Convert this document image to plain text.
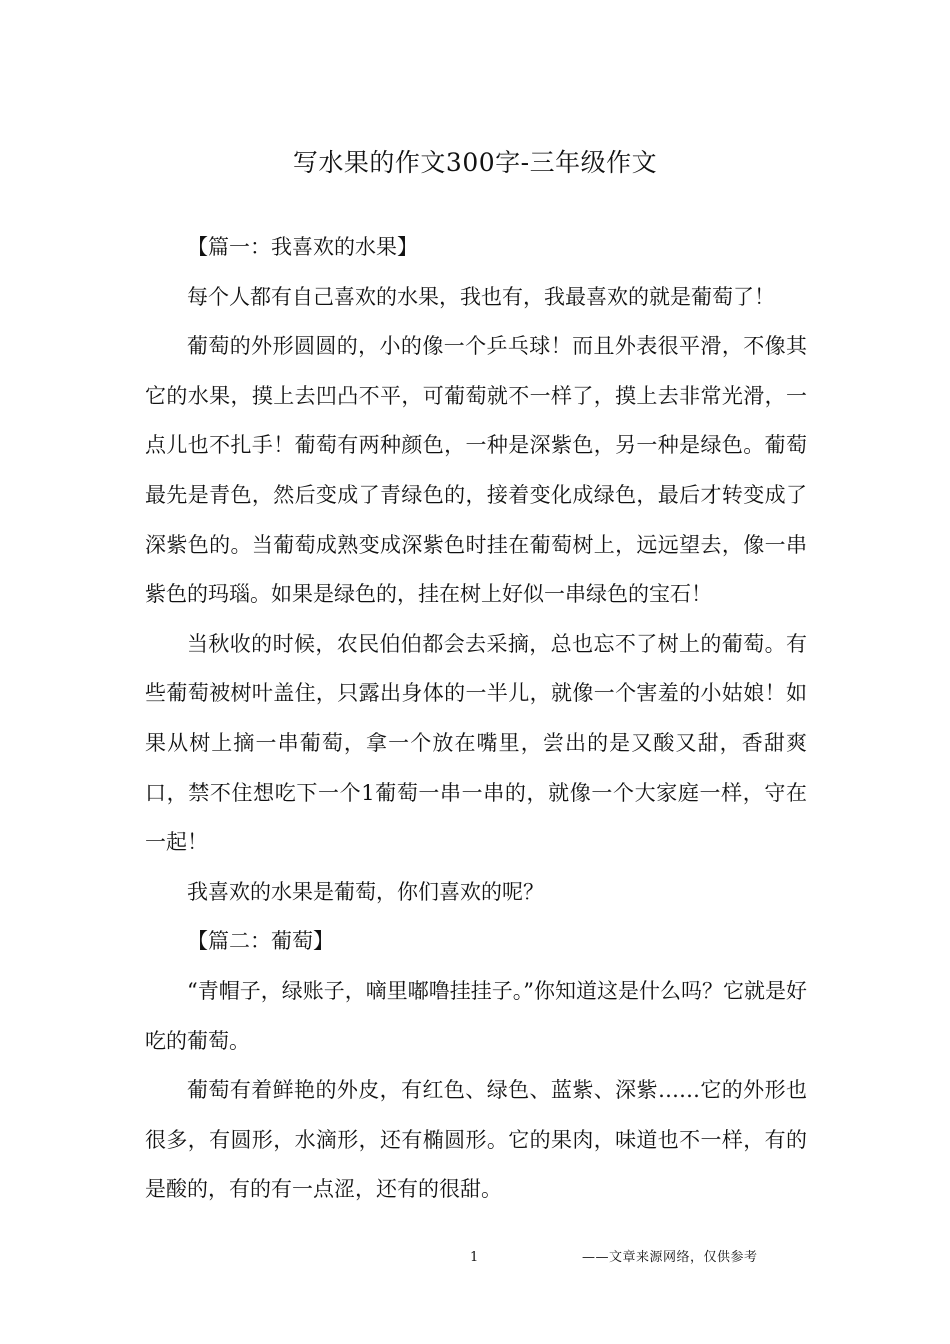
写水果的作文300字-三年级作文

【篇一：我喜欢的水果】

每个人都有自己喜欢的水果，我也有，我最喜欢的就是葡萄了！

葡萄的外形圆圆的，小的像一个乒乓球！而且外表很平滑，不像其它的水果，摸上去凹凸不平，可葡萄就不一样了，摸上去非常光滑，一点儿也不扎手！葡萄有两种颜色，一种是深紫色，另一种是绿色。葡萄最先是青色，然后变成了青绿色的，接着变化成绿色，最后才转变成了深紫色的。当葡萄成熟变成深紫色时挂在葡萄树上，远远望去，像一串紫色的玛瑙。如果是绿色的，挂在树上好似一串绿色的宝石！

当秋收的时候，农民伯伯都会去采摘，总也忘不了树上的葡萄。有些葡萄被树叶盖住，只露出身体的一半儿，就像一个害羞的小姑娘！如果从树上摘一串葡萄，拿一个放在嘴里，尝出的是又酸又甜，香甜爽口，禁不住想吃下一个1葡萄一串一串的，就像一个大家庭一样，守在一起！

我喜欢的水果是葡萄，你们喜欢的呢？

【篇二：葡萄】

“青帽子，绿账子，嘀里嘟噜挂挂子。”你知道这是什么吗？它就是好吃的葡萄。

葡萄有着鲜艳的外皮，有红色、绿色、蓝紫、深紫……它的外形也很多，有圆形，水滴形，还有椭圆形。它的果肉，味道也不一样，有的是酸的，有的有一点涩，还有的很甜。

1	——文章来源网络，仅供参考
